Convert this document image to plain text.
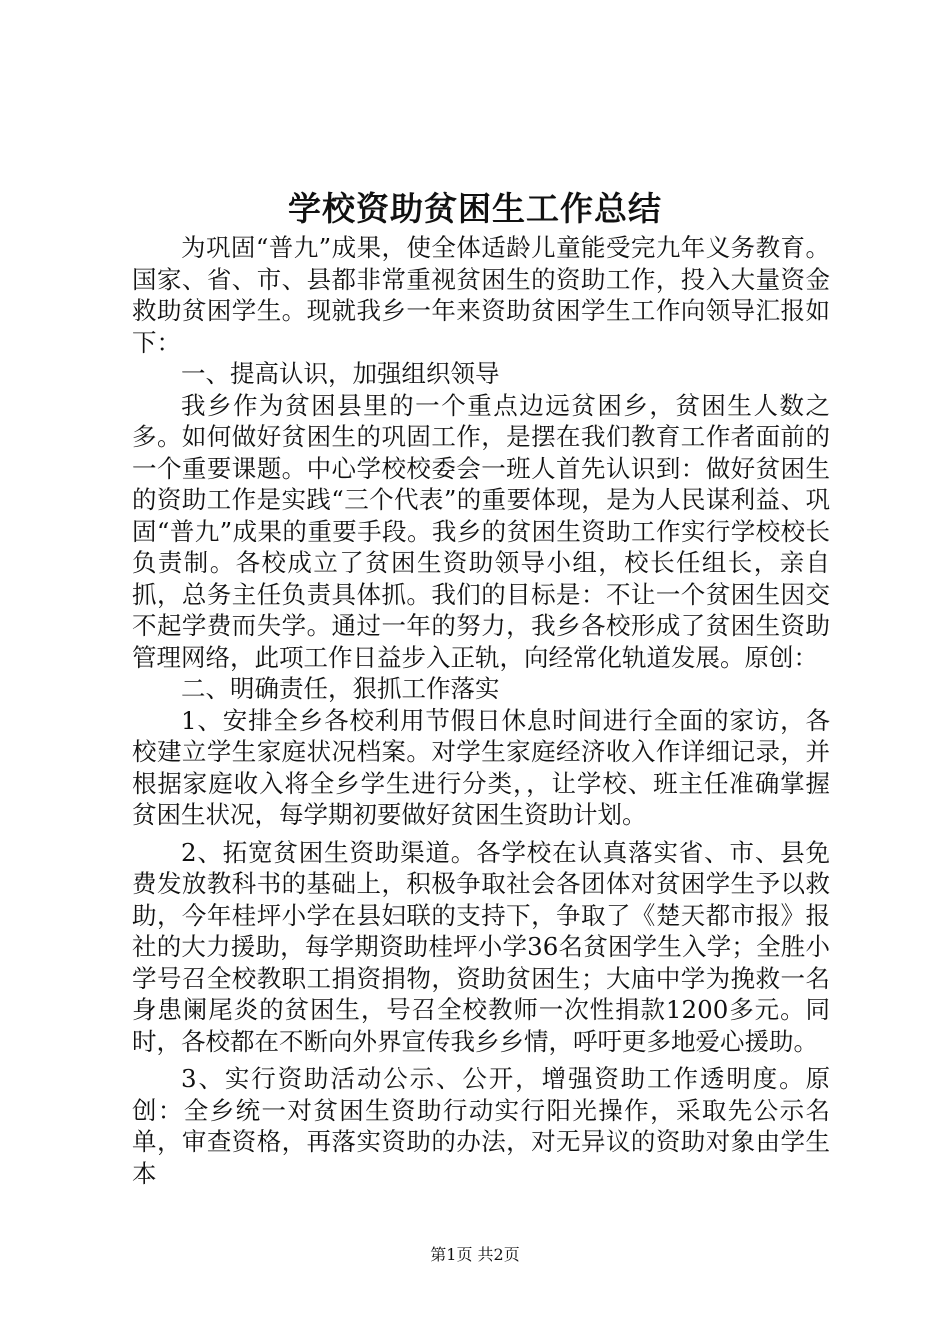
学校资助贫困生工作总结

为巩固“普九”成果，使全体适龄儿童能受完九年义务教育。国家、省、市、县都非常重视贫困生的资助工作，投入大量资金救助贫困学生。现就我乡一年来资助贫困学生工作向领导汇报如下：

一、提高认识，加强组织领导

我乡作为贫困县里的一个重点边远贫困乡，贫困生人数之多。如何做好贫困生的巩固工作，是摆在我们教育工作者面前的一个重要课题。中心学校校委会一班人首先认识到：做好贫困生的资助工作是实践“三个代表”的重要体现，是为人民谋利益、巩固“普九”成果的重要手段。我乡的贫困生资助工作实行学校校长负责制。各校成立了贫困生资助领导小组，校长任组长，亲自抓，总务主任负责具体抓。我们的目标是：不让一个贫困生因交不起学费而失学。通过一年的努力，我乡各校形成了贫困生资助管理网络，此项工作日益步入正轨，向经常化轨道发展。原创：

二、明确责任，狠抓工作落实

1、安排全乡各校利用节假日休息时间进行全面的家访，各校建立学生家庭状况档案。对学生家庭经济收入作详细记录，并根据家庭收入将全乡学生进行分类，，让学校、班主任准确掌握贫困生状况，每学期初要做好贫困生资助计划。

2、拓宽贫困生资助渠道。各学校在认真落实省、市、县免费发放教科书的基础上，积极争取社会各团体对贫困学生予以救助，今年桂坪小学在县妇联的支持下，争取了《楚天都市报》报社的大力援助，每学期资助桂坪小学36名贫困学生入学；全胜小学号召全校教职工捐资捐物，资助贫困生；大庙中学为挽救一名身患阑尾炎的贫困生，号召全校教师一次性捐款1200多元。同时，各校都在不断向外界宣传我乡乡情，呼吁更多地爱心援助。

3、实行资助活动公示、公开，增强资助工作透明度。原创：全乡统一对贫困生资助行动实行阳光操作，采取先公示名单，审查资格，再落实资助的办法，对无异议的资助对象由学生本

第1页 共2页
